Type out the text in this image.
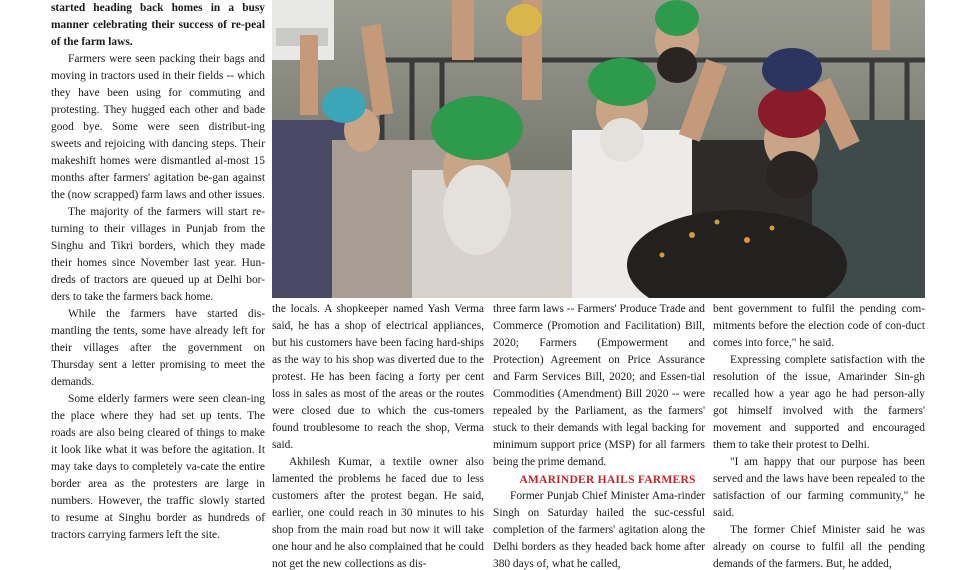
started heading back homes in a busy manner celebrating their success of re-peal of the farm laws.

Farmers were seen packing their bags and moving in tractors used in their fields -- which they have been using for commuting and protesting. They hugged each other and bade good bye. Some were seen distribut-ing sweets and rejoicing with dancing steps. Their makeshift homes were dismantled al-most 15 months after farmers' agitation be-gan against the (now scrapped) farm laws and other issues.

The majority of the farmers will start re-turning to their villages in Punjab from the Singhu and Tikri borders, which they made their homes since November last year. Hun-dreds of tractors are queued up at Delhi bor-ders to take the farmers back home.

While the farmers have started dis-mantling the tents, some have already left for their villages after the government on Thursday sent a letter promising to meet the demands.

Some elderly farmers were seen clean-ing the place where they had set up tents. The roads are also being cleared of things to make it look like what it was before the agitation. It may take days to completely va-cate the entire border area as the protesters are large in numbers. However, the traffic slowly started to resume at Singhu border as hundreds of tractors carrying farmers left the site.

the locals. A shopkeeper named Yash Verma said, he has a shop of electrical appliances, but his customers have been facing hard-ships as the way to his shop was diverted due to the protest. He has been facing a forty per cent loss in sales as most of the areas or the routes were closed due to which the cus-tomers found troublesome to reach the shop, Verma said.

Akhilesh Kumar, a textile owner also lamented the problems he faced due to less customers after the protest began. He said, earlier, one could reach in 30 minutes to his shop from the main road but now it will take one hour and he also complained that he could not get the new collections as dis-

three farm laws -- Farmers' Produce Trade and Commerce (Promotion and Facilitation) Bill, 2020; Farmers (Empowerment and Protection) Agreement on Price Assurance and Farm Services Bill, 2020; and Essen-tial Commodities (Amendment) Bill 2020 -- were repealed by the Parliament, as the farmers' stuck to their demands with legal backing for minimum support price (MSP) for all farmers being the prime demand.

AMARINDER HAILS FARMERS

Former Punjab Chief Minister Ama-rinder Singh on Saturday hailed the suc-cessful completion of the farmers' agitation along the Delhi borders as they headed back home after 380 days of, what he called,

bent government to fulfil the pending com-mitments before the election code of con-duct comes into force," he said.

Expressing complete satisfaction with the resolution of the issue, Amarinder Sin-gh recalled how a year ago he had person-ally got himself involved with the farmers' movement and supported and encouraged them to take their protest to Delhi.

"I am happy that our purpose has been served and the laws have been repealed to the satisfaction of our farming community," he said.

The former Chief Minister said he was already on course to fulfil all the pending demands of the farmers. But, he added,
